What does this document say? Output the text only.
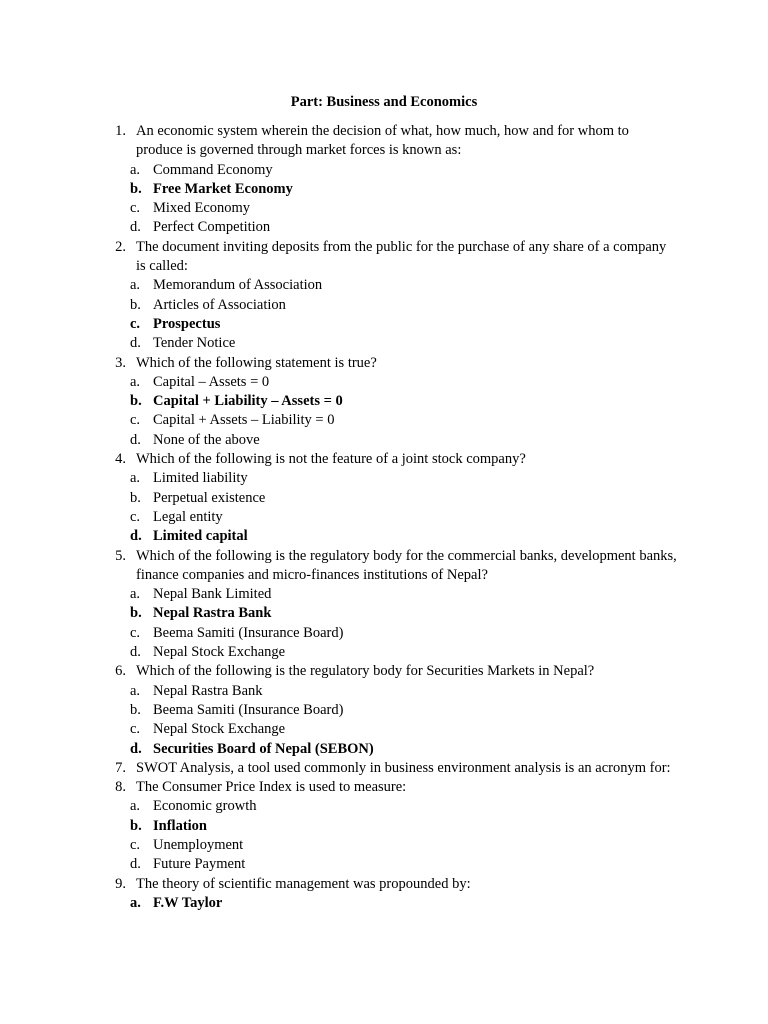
Part: Business and Economics
1. An economic system wherein the decision of what, how much, how and for whom to produce is governed through market forces is known as:
a. Command Economy
b. Free Market Economy
c. Mixed Economy
d. Perfect Competition
2. The document inviting deposits from the public for the purchase of any share of a company is called:
a. Memorandum of Association
b. Articles of Association
c. Prospectus
d. Tender Notice
3. Which of the following statement is true?
a. Capital – Assets = 0
b. Capital + Liability – Assets = 0
c. Capital + Assets – Liability = 0
d. None of the above
4. Which of the following is not the feature of a joint stock company?
a. Limited liability
b. Perpetual existence
c. Legal entity
d. Limited capital
5. Which of the following is the regulatory body for the commercial banks, development banks, finance companies and micro-finances institutions of Nepal?
a. Nepal Bank Limited
b. Nepal Rastra Bank
c. Beema Samiti (Insurance Board)
d. Nepal Stock Exchange
6. Which of the following is the regulatory body for Securities Markets in Nepal?
a. Nepal Rastra Bank
b. Beema Samiti (Insurance Board)
c. Nepal Stock Exchange
d. Securities Board of Nepal (SEBON)
7. SWOT Analysis, a tool used commonly in business environment analysis is an acronym for:
8. The Consumer Price Index is used to measure:
a. Economic growth
b. Inflation
c. Unemployment
d. Future Payment
9. The theory of scientific management was propounded by:
a. F.W Taylor
